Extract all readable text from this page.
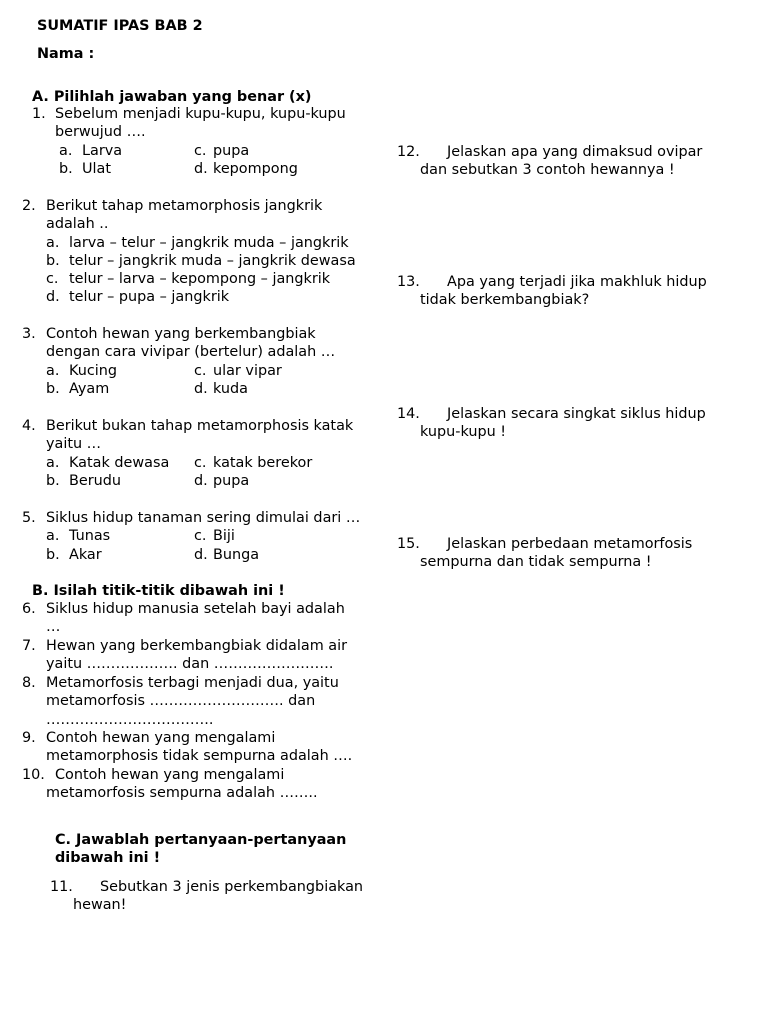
SUMATIF IPAS BAB 2
Nama :
A. Pilihlah jawaban yang benar (x)
1. Sebelum menjadi kupu-kupu, kupu-kupu
berwujud ….
a. Larva	c. pupa
b. Ulat	d. kepompong
2. Berikut tahap metamorphosis jangkrik
adalah ..
a. larva – telur – jangkrik muda – jangkrik
b. telur – jangkrik muda – jangkrik dewasa
c. telur – larva – kepompong – jangkrik
d. telur – pupa – jangkrik
3. Contoh hewan yang berkembangbiak
dengan cara vivipar (bertelur) adalah …
a. Kucing	c. ular vipar
b. Ayam	d. kuda
4. Berikut bukan tahap metamorphosis katak
yaitu …
a. Katak dewasa c. katak berekor
b. Berudu	d. pupa
5. Siklus hidup tanaman sering dimulai dari …
a. Tunas	c. Biji
b. Akar	d. Bunga
B. Isilah titik-titik dibawah ini !
6. Siklus hidup manusia setelah bayi adalah
…
7. Hewan yang berkembangbiak didalam air
yaitu ………………. dan …………………….
8. Metamorfosis terbagi menjadi dua, yaitu
metamorfosis ………………………. dan
……………………………..
9. Contoh hewan yang mengalami
metamorphosis tidak sempurna adalah ….
10. Contoh hewan yang mengalami
metamorfosis sempurna adalah ……..
C. Jawablah pertanyaan-pertanyaan
dibawah ini !
11. Sebutkan 3 jenis perkembangbiakan
hewan!
12. Jelaskan apa yang dimaksud ovipar
dan sebutkan 3 contoh hewannya !
13. Apa yang terjadi jika makhluk hidup
tidak berkembangbiak?
14. Jelaskan secara singkat siklus hidup
kupu-kupu !
15. Jelaskan perbedaan metamorfosis
sempurna dan tidak sempurna !
